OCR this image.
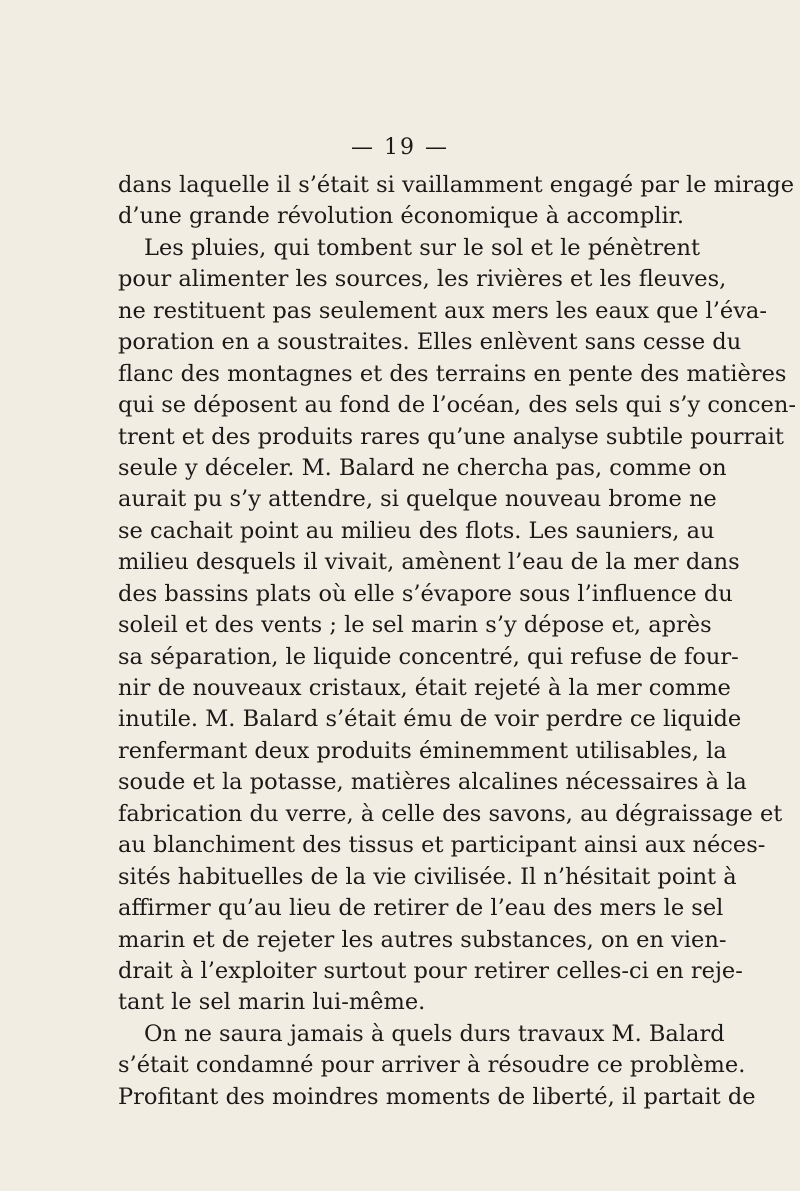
— 19 —
dans laquelle il s’était si vaillamment engagé par le mirage
d’une grande révolution économique à accomplir.
Les pluies, qui tombent sur le sol et le pénètrent
pour alimenter les sources, les rivières et les fleuves,
ne restituent pas seulement aux mers les eaux que l’éva-
poration en a soustraites. Elles enlèvent sans cesse du
flanc des montagnes et des terrains en pente des matières
qui se déposent au fond de l’océan, des sels qui s’y concen-
trent et des produits rares qu’une analyse subtile pourrait
seule y déceler. M. Balard ne chercha pas, comme on
aurait pu s’y attendre, si quelque nouveau brome ne
se cachait point au milieu des flots. Les sauniers, au
milieu desquels il vivait, amènent l’eau de la mer dans
des bassins plats où elle s’évapore sous l’influence du
soleil et des vents ; le sel marin s’y dépose et, après
sa séparation, le liquide concentré, qui refuse de four-
nir de nouveaux cristaux, était rejeté à la mer comme
inutile. M. Balard s’était ému de voir perdre ce liquide
renfermant deux produits éminemment utilisables, la
soude et la potasse, matières alcalines nécessaires à la
fabrication du verre, à celle des savons, au dégraissage et
au blanchiment des tissus et participant ainsi aux néces-
sités habituelles de la vie civilisée. Il n’hésitait point à
affirmer qu’au lieu de retirer de l’eau des mers le sel
marin et de rejeter les autres substances, on en vien-
drait à l’exploiter surtout pour retirer celles-ci en reje-
tant le sel marin lui-même.
On ne saura jamais à quels durs travaux M. Balard
s’était condamné pour arriver à résoudre ce problème.
Profitant des moindres moments de liberté, il partait de
